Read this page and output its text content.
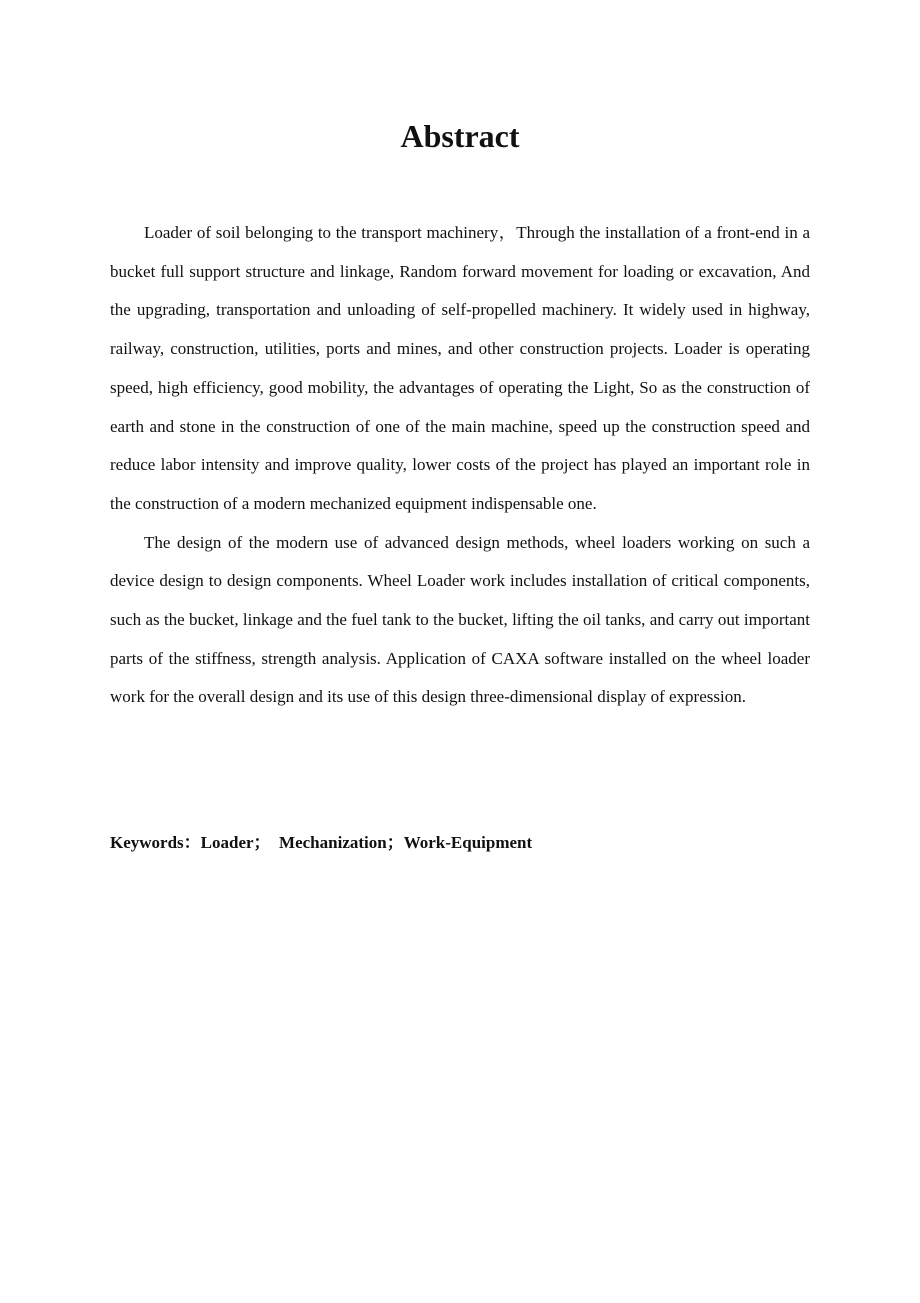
Abstract

Loader of soil belonging to the transport machinery，Through the installation of a front-end in a bucket full support structure and linkage, Random forward movement for loading or excavation, And the upgrading, transportation and unloading of self-propelled machinery. It widely used in highway, railway, construction, utilities, ports and mines, and other construction projects. Loader is operating speed, high efficiency, good mobility, the advantages of operating the Light, So as the construction of earth and stone in the construction of one of the main machine, speed up the construction speed and reduce labor intensity and improve quality, lower costs of the project has played an important role in the construction of a modern mechanized equipment indispensable one.

The design of the modern use of advanced design methods, wheel loaders working on such a device design to design components. Wheel Loader work includes installation of critical components, such as the bucket, linkage and the fuel tank to the bucket, lifting the oil tanks, and carry out important parts of the stiffness, strength analysis. Application of CAXA software installed on the wheel loader work for the overall design and its use of this design three-dimensional display of expression.

Keywords：Loader；  Mechanization；Work-Equipment
